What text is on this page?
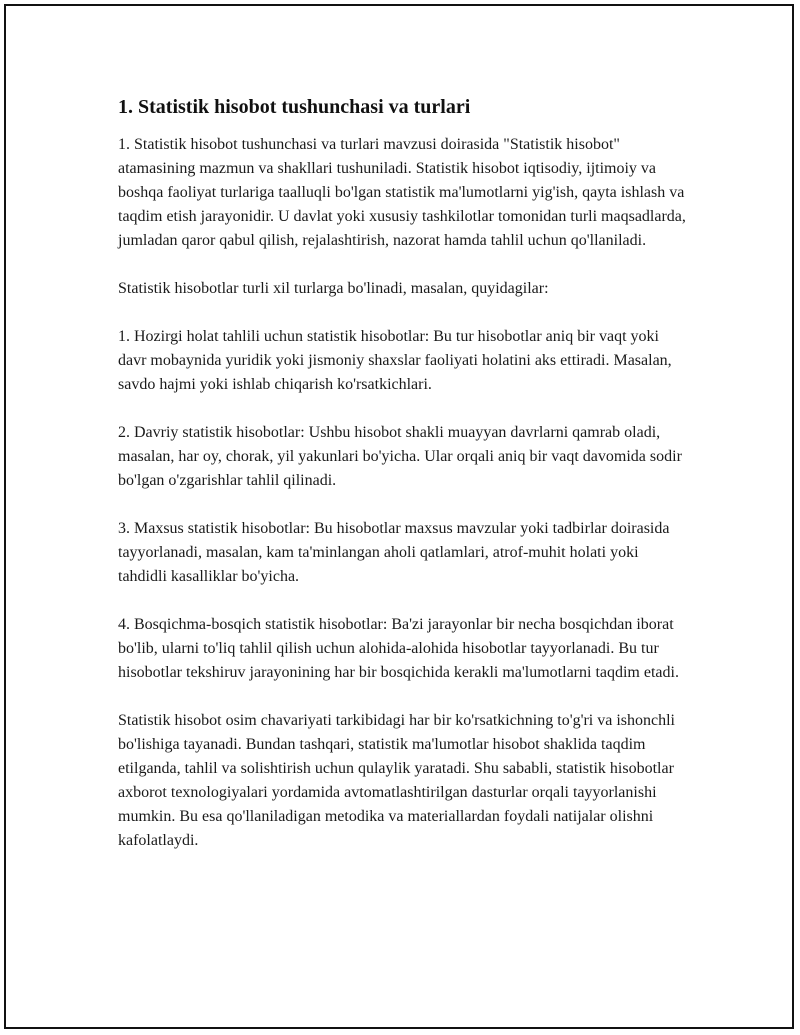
1. Statistik hisobot tushunchasi va turlari

1. Statistik hisobot tushunchasi va turlari mavzusi doirasida "Statistik hisobot" atamasining mazmun va shakllari tushuniladi. Statistik hisobot iqtisodiy, ijtimoiy va boshqa faoliyat turlariga taalluqli bo'lgan statistik ma'lumotlarni yig'ish, qayta ishlash va taqdim etish jarayonidir. U davlat yoki xususiy tashkilotlar tomonidan turli maqsadlarda, jumladan qaror qabul qilish, rejalashtirish, nazorat hamda tahlil uchun qo'llaniladi.

Statistik hisobotlar turli xil turlarga bo'linadi, masalan, quyidagilar:

1. Hozirgi holat tahlili uchun statistik hisobotlar: Bu tur hisobotlar aniq bir vaqt yoki davr mobaynida yuridik yoki jismoniy shaxslar faoliyati holatini aks ettiradi. Masalan, savdo hajmi yoki ishlab chiqarish ko'rsatkichlari.

2. Davriy statistik hisobotlar: Ushbu hisobot shakli muayyan davrlarni qamrab oladi, masalan, har oy, chorak, yil yakunlari bo'yicha. Ular orqali aniq bir vaqt davomida sodir bo'lgan o'zgarishlar tahlil qilinadi.

3. Maxsus statistik hisobotlar: Bu hisobotlar maxsus mavzular yoki tadbirlar doirasida tayyorlanadi, masalan, kam ta'minlangan aholi qatlamlari, atrof-muhit holati yoki tahdidli kasalliklar bo'yicha.

4. Bosqichma-bosqich statistik hisobotlar: Ba'zi jarayonlar bir necha bosqichdan iborat bo'lib, ularni to'liq tahlil qilish uchun alohida-alohida hisobotlar tayyorlanadi. Bu tur hisobotlar tekshiruv jarayonining har bir bosqichida kerakli ma'lumotlarni taqdim etadi.

Statistik hisobot osim chavariyati tarkibidagi har bir ko'rsatkichning to'g'ri va ishonchli bo'lishiga tayanadi. Bundan tashqari, statistik ma'lumotlar hisobot shaklida taqdim etilganda, tahlil va solishtirish uchun qulaylik yaratadi. Shu sababli, statistik hisobotlar axborot texnologiyalari yordamida avtomatlashtirilgan dasturlar orqali tayyorlanishi mumkin. Bu esa qo'llaniladigan metodika va materiallardan foydali natijalar olishni kafolatlaydi.
